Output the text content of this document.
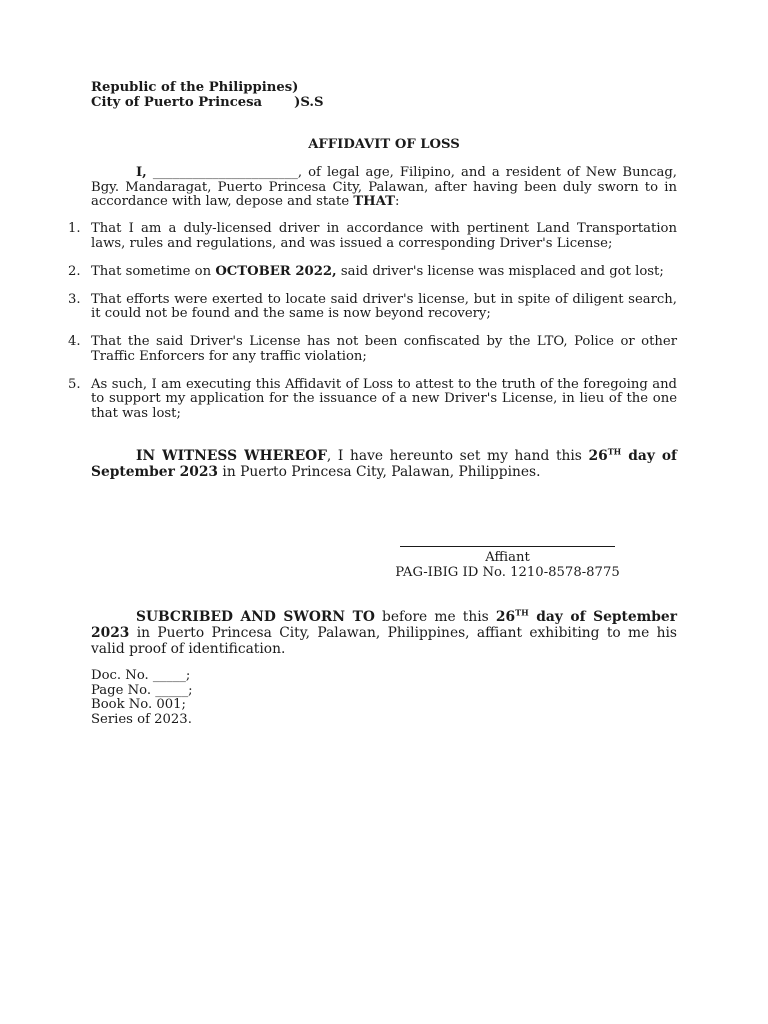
Republic of the Philippines)
City of Puerto Princesa )S.S
AFFIDAVIT OF LOSS
I, ______________________, of legal age, Filipino, and a resident of New Buncag, Bgy. Mandaragat, Puerto Princesa City, Palawan, after having been duly sworn to in accordance with law, depose and state THAT:
1. That I am a duly-licensed driver in accordance with pertinent Land Transportation laws, rules and regulations, and was issued a corresponding Driver's License;
2. That sometime on OCTOBER 2022, said driver's license was misplaced and got lost;
3. That efforts were exerted to locate said driver's license, but in spite of diligent search, it could not be found and the same is now beyond recovery;
4. That the said Driver's License has not been confiscated by the LTO, Police or other Traffic Enforcers for any traffic violation;
5. As such, I am executing this Affidavit of Loss to attest to the truth of the foregoing and to support my application for the issuance of a new Driver's License, in lieu of the one that was lost;
IN WITNESS WHEREOF, I have hereunto set my hand this 26TH day of September 2023 in Puerto Princesa City, Palawan, Philippines.
Affiant
PAG-IBIG ID No. 1210-8578-8775
SUBCRIBED AND SWORN TO before me this 26TH day of September 2023 in Puerto Princesa City, Palawan, Philippines, affiant exhibiting to me his valid proof of identification.
Doc. No. _____;
Page No. _____;
Book No. 001;
Series of 2023.
